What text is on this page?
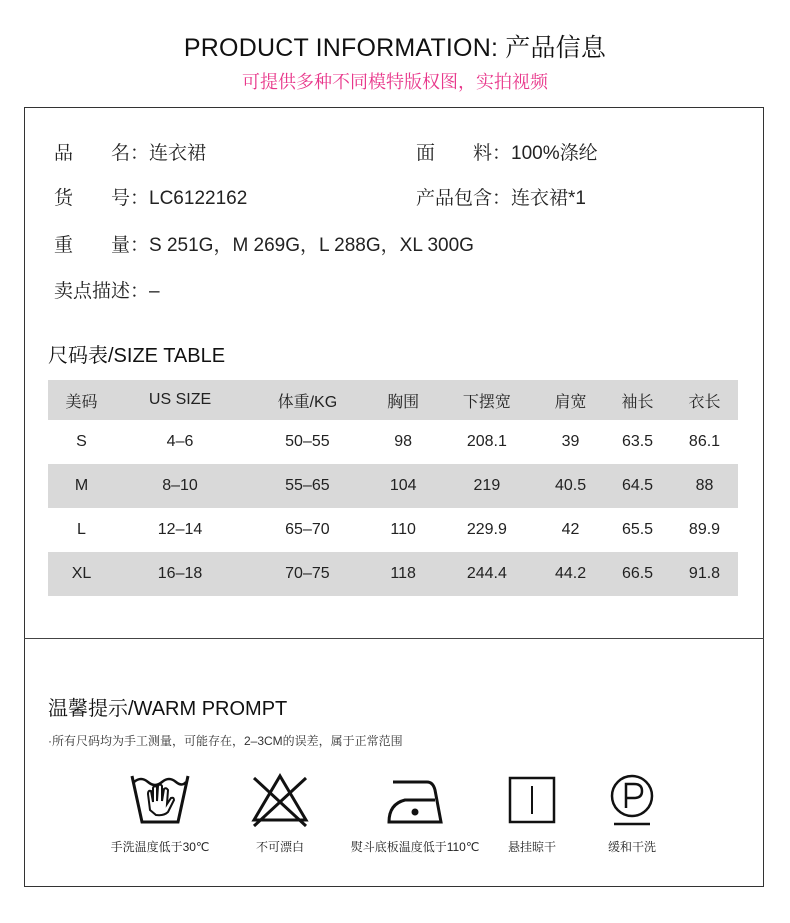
PRODUCT INFORMATION: 产品信息
可提供多种不同模特版权图，实拍视频
品　　名：连衣裙	面　　料：100%涤纶
货　　号：LC6122162	产品包含：连衣裙*1
重　　量：S 251G，M 269G，L 288G，XL 300G
卖点描述：–
尺码表/SIZE TABLE
美码	US SIZE	体重/KG	胸围	下摆宽	肩宽	袖长	衣长
S	4–6	50–55	98	208.1	39	63.5	86.1
M	8–10	55–65	104	219	40.5	64.5	88
L	12–14	65–70	110	229.9	42	65.5	89.9
XL	16–18	70–75	118	244.4	44.2	66.5	91.8
温馨提示/WARM PROMPT
·所有尺码均为手工测量，可能存在，2–3CM的误差，属于正常范围
手洗温度低于30℃	不可漂白	熨斗底板温度低于110℃	悬挂晾干	缓和干洗
